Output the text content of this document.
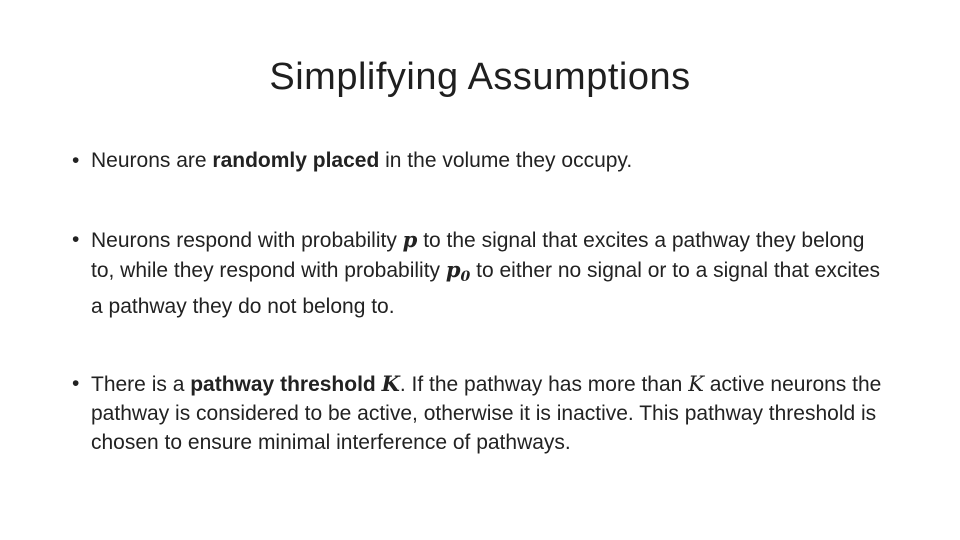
Simplifying Assumptions
• Neurons are randomly placed in the volume they occupy.
• Neurons respond with probability p to the signal that excites a pathway they belong to, while they respond with probability $p_0$ to either no signal or to a signal that excites a pathway they do not belong to.
• There is a pathway threshold K. If the pathway has more than K active neurons the pathway is considered to be active, otherwise it is inactive. This pathway threshold is chosen to ensure minimal interference of pathways.
